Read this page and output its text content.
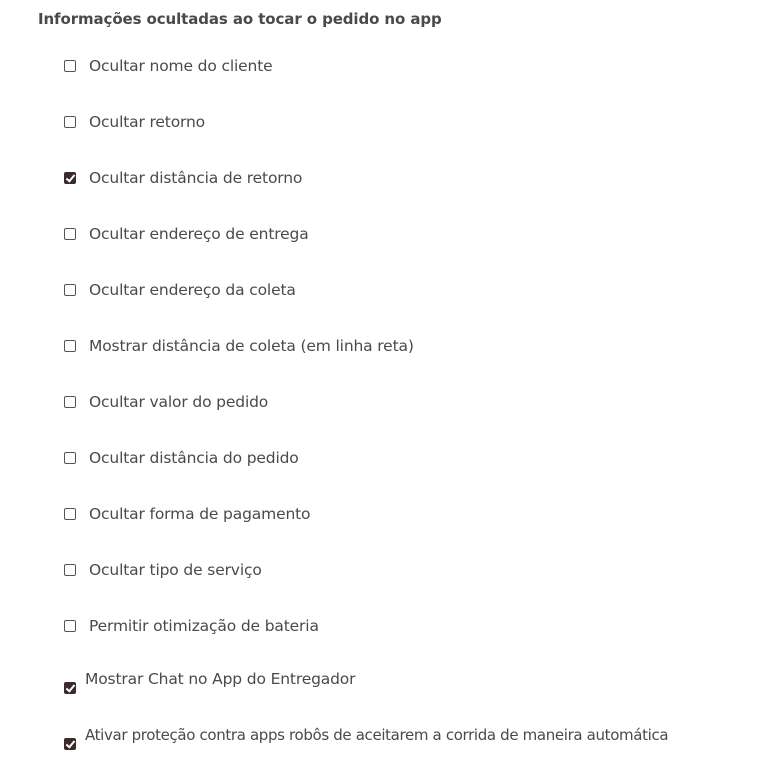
Informações ocultadas ao tocar o pedido no app
Ocultar nome do cliente
Ocultar retorno
Ocultar distância de retorno
Ocultar endereço de entrega
Ocultar endereço da coleta
Mostrar distância de coleta (em linha reta)
Ocultar valor do pedido
Ocultar distância do pedido
Ocultar forma de pagamento
Ocultar tipo de serviço
Permitir otimização de bateria
Mostrar Chat no App do Entregador
Ativar proteção contra apps robôs de aceitarem a corrida de maneira automática
